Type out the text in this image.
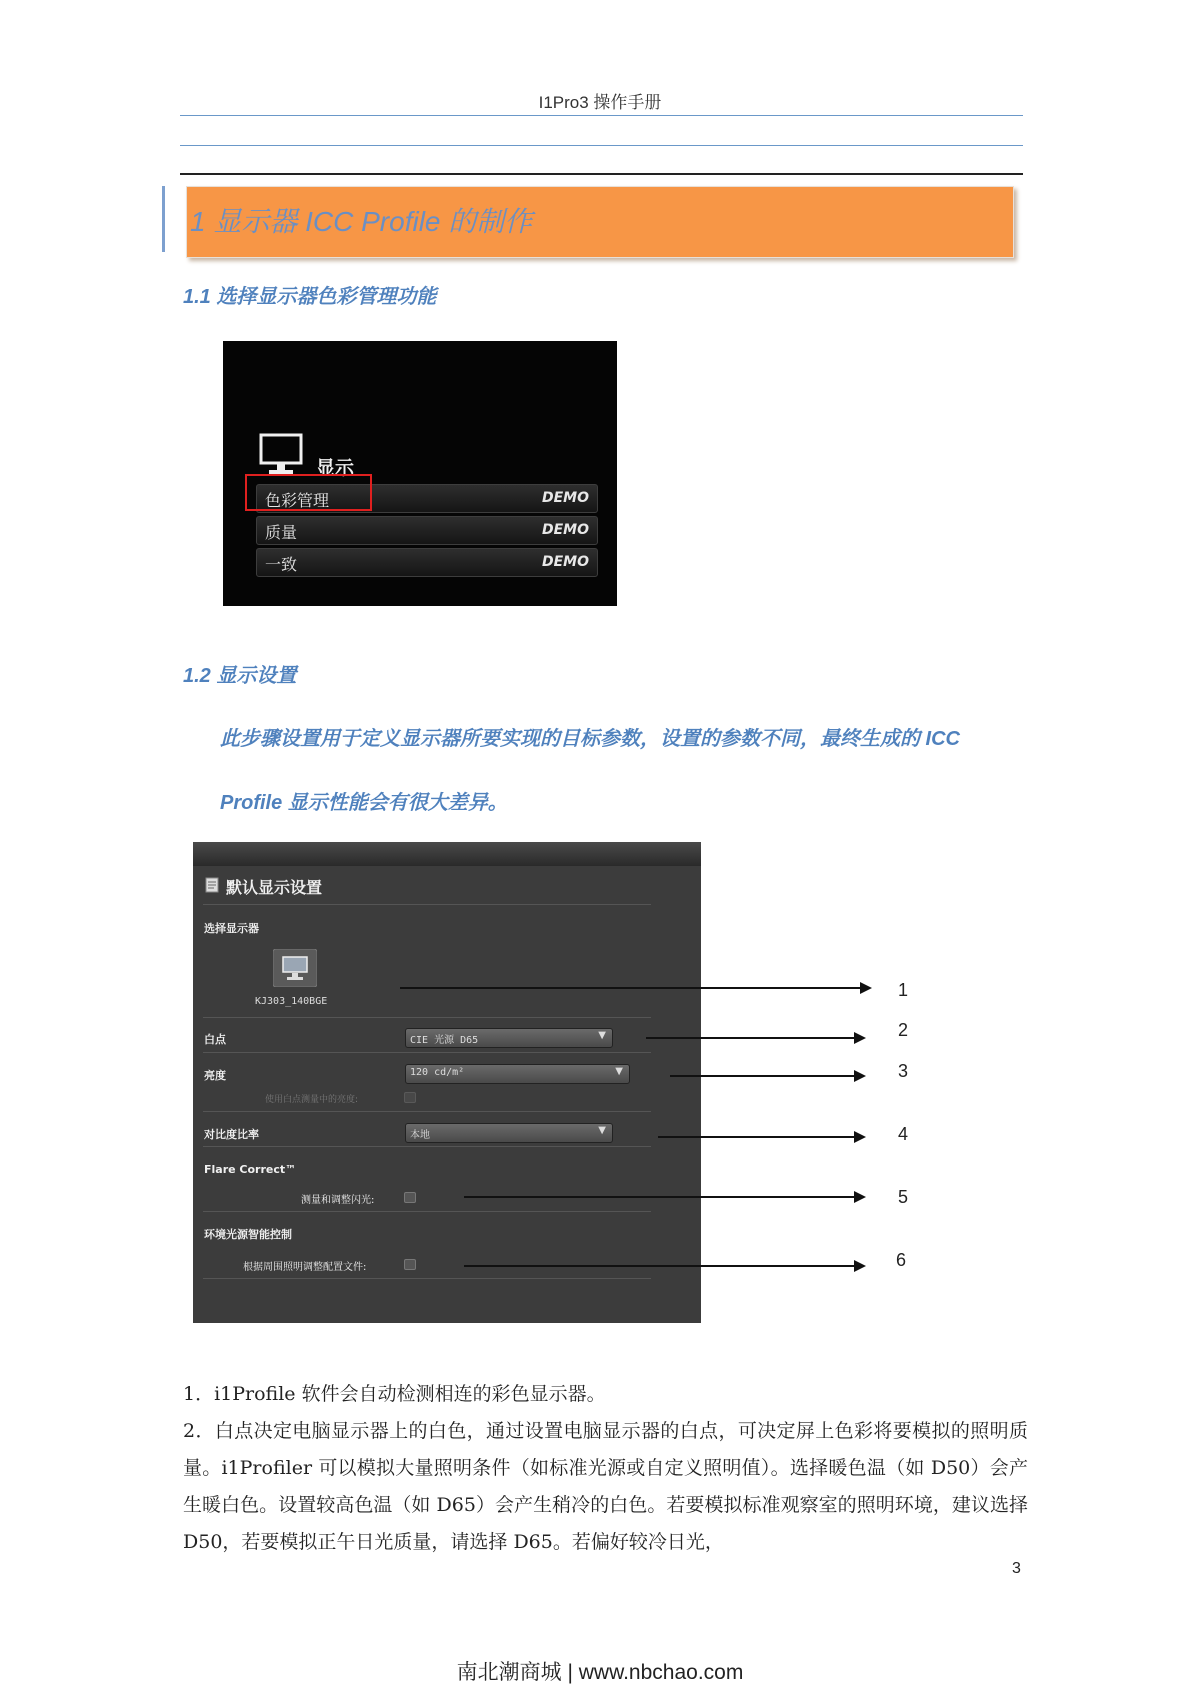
I1Pro3 操作手册
1 显示器 ICC Profile 的制作
1.1 选择显示器色彩管理功能
显示
色彩管理	DEMO
质量	DEMO
一致	DEMO
1.2 显示设置
此步骤设置用于定义显示器所要实现的目标参数，设置的参数不同，最终生成的 ICC
Profile 显示性能会有很大差异。
默认显示设置
选择显示器
KJ303_140BGE
白点	CIE 光源 D65	▼
亮度	120 cd/m²	▼
使用白点测量中的亮度:
对比度比率	本地	▼
Flare Correct™
测量和调整闪光:
环境光源智能控制
根据周围照明调整配置文件:
1
2
3
4
5
6
1．i1Profile 软件会自动检测相连的彩色显示器。
2．白点决定电脑显示器上的白色，通过设置电脑显示器的白点，可决定屏上色彩将要模拟的照明质量。i1Profiler 可以模拟大量照明条件（如标准光源或自定义照明值）。选择暖色温（如 D50）会产生暖白色。设置较高色温（如 D65）会产生稍冷的白色。若要模拟标准观察室的照明环境，建议选择 D50，若要模拟正午日光质量，请选择 D65。若偏好较冷日光，
3
南北潮商城 | www.nbchao.com
